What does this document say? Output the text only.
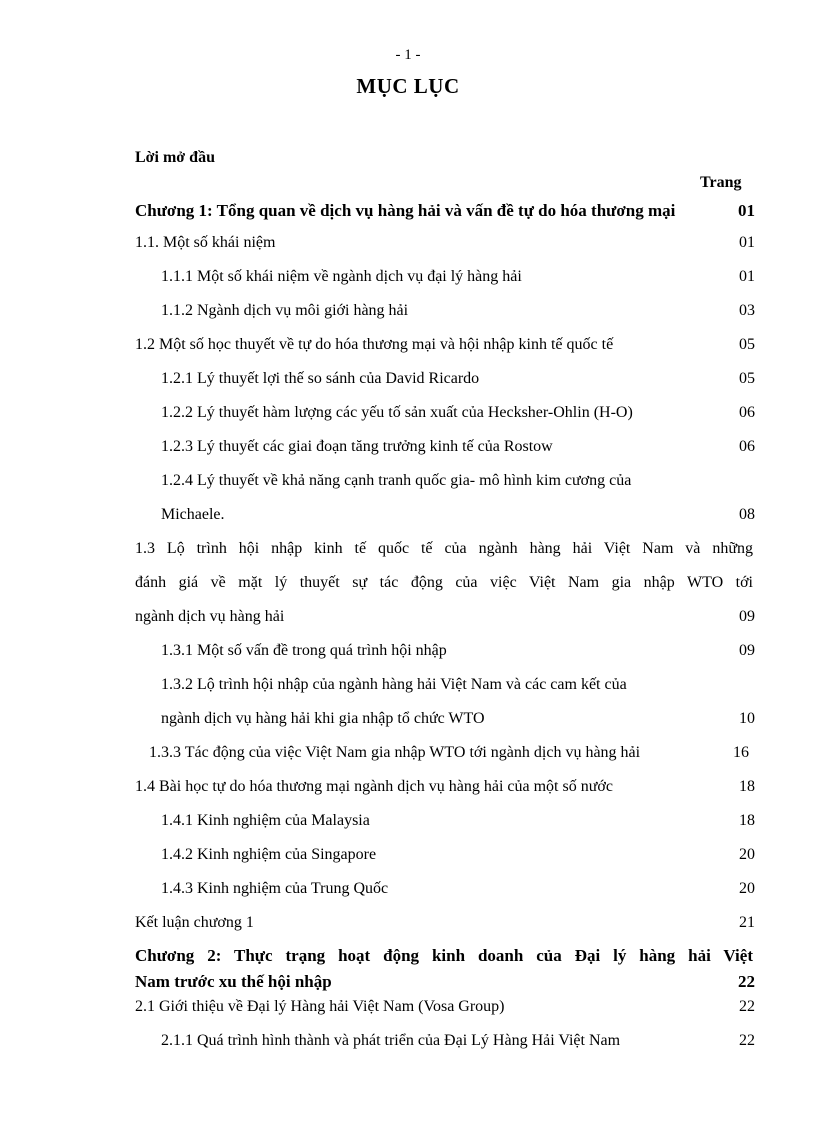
- 1 -
MỤC LỤC
Lời mở đầu
Trang
Chương 1: Tổng quan về dịch vụ hàng hải và vấn đề tự do hóa thương mại	01
1.1. Một số khái niệm	01
1.1.1 Một số khái niệm về ngành dịch vụ đại lý hàng hải	01
1.1.2 Ngành dịch vụ môi giới hàng hải	03
1.2 Một số học thuyết về tự do hóa thương mại và hội nhập kinh tế quốc tế	05
1.2.1 Lý thuyết lợi thế so sánh của David Ricardo	05
1.2.2 Lý thuyết hàm lượng các yếu tố sản xuất của Hecksher-Ohlin (H-O)	06
1.2.3 Lý thuyết các giai đoạn tăng trưởng kinh tế của Rostow	06
1.2.4 Lý thuyết về khả năng cạnh tranh quốc gia- mô hình kim cương của
Michaele.	08
1.3 Lộ trình hội nhập kinh tế quốc tế của ngành hàng hải Việt Nam và những
đánh giá về mặt lý thuyết sự tác động của việc Việt Nam gia nhập WTO tới
ngành dịch vụ hàng hải	09
1.3.1 Một số vấn đề trong quá trình hội nhập	09
1.3.2 Lộ trình hội nhập của ngành hàng hải Việt Nam và các cam kết của
ngành dịch vụ hàng hải khi gia nhập tổ chức WTO	10
1.3.3 Tác động của việc Việt Nam gia nhập WTO tới ngành dịch vụ hàng hải	16
1.4 Bài học tự do hóa thương mại ngành dịch vụ hàng hải của một số nước	18
1.4.1 Kinh nghiệm của Malaysia	18
1.4.2 Kinh nghiệm của Singapore	20
1.4.3 Kinh nghiệm của Trung Quốc	20
Kết luận chương 1	21
Chương 2: Thực trạng hoạt động kinh doanh của Đại lý hàng hải Việt
Nam trước xu thế hội nhập	22
2.1 Giới thiệu về Đại lý Hàng hải Việt Nam (Vosa Group)	22
2.1.1 Quá trình hình thành và phát triển của Đại Lý Hàng Hải Việt Nam	22
